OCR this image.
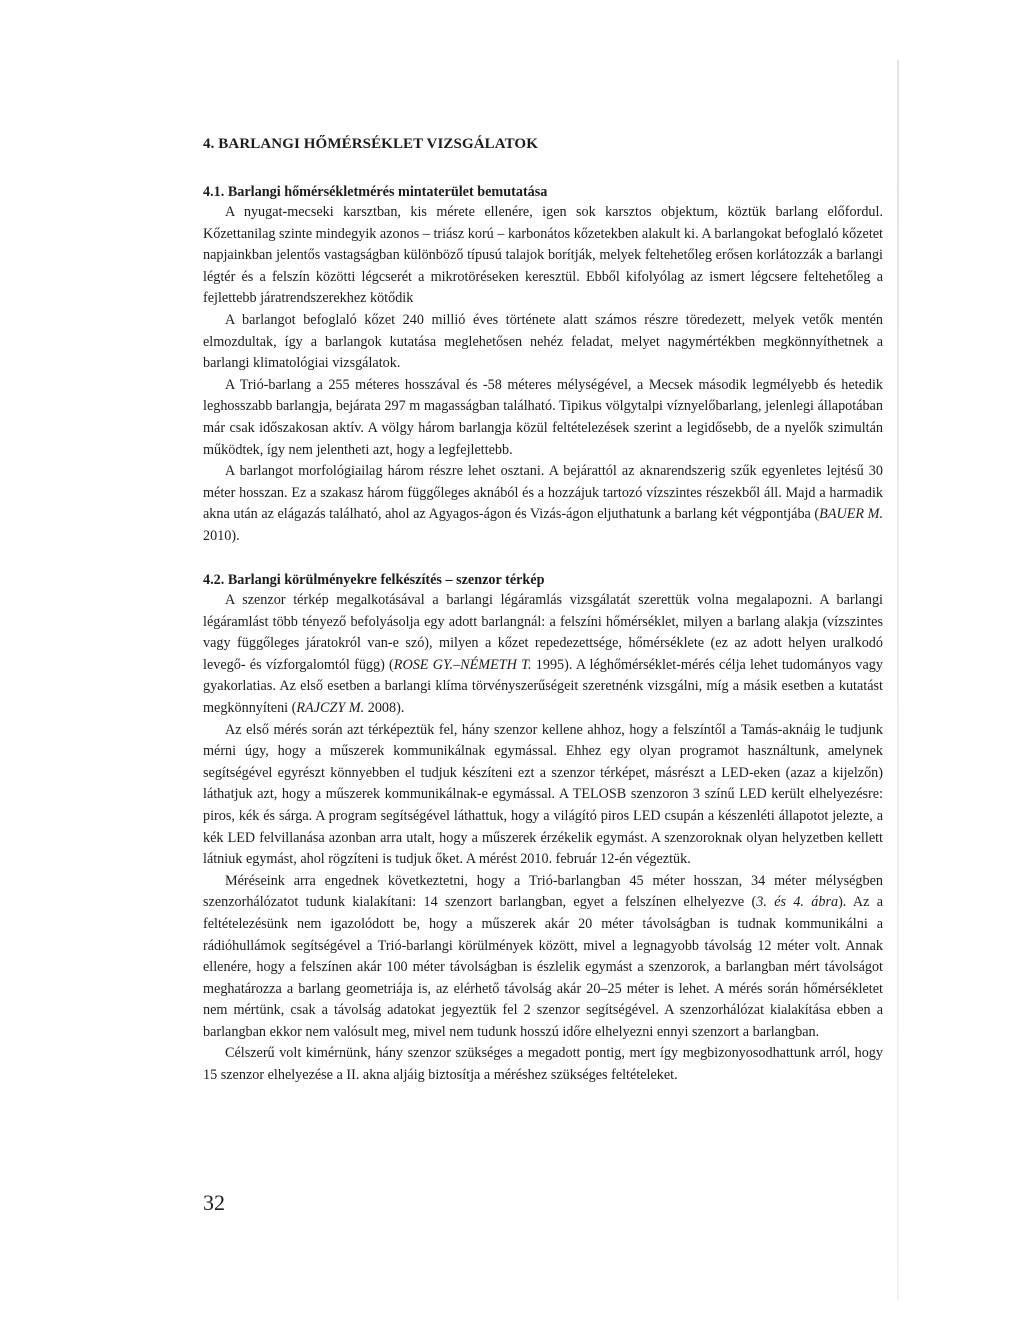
4. BARLANGI HŐMÉRSÉKLET VIZSGÁLATOK
4.1. Barlangi hőmérsékletmérés mintaterület bemutatása

A nyugat-mecseki karsztban, kis mérete ellenére, igen sok karsztos objektum, köztük barlang előfordul. Kőzettanilag szinte mindegyik azonos – triász korú – karbonátos kőzetekben alakult ki. A barlangokat befoglaló kőzetet napjainkban jelentős vastagságban különböző típusú talajok borítják, melyek feltehetőleg erősen korlátozzák a barlangi légtér és a felszín közötti légcserét a mikrotöréseken keresztül. Ebből kifolyólag az ismert légcsere feltehetőleg a fejlettebb járatrendszerekhez kötődik

A barlangot befoglaló kőzet 240 millió éves története alatt számos részre töredezett, melyek vetők mentén elmozdultak, így a barlangok kutatása meglehetősen nehéz feladat, melyet nagymértékben megkönnyíthetnek a barlangi klimatológiai vizsgálatok.

A Trió-barlang a 255 méteres hosszával és -58 méteres mélységével, a Mecsek második legmélyebb és hetedik leghosszabb barlangja, bejárata 297 m magasságban található. Tipikus völgytalpi víznyelőbarlang, jelenlegi állapotában már csak időszakosan aktív. A völgy három barlangja közül feltételezések szerint a legidősebb, de a nyelők szimultán működtek, így nem jelentheti azt, hogy a legfejlettebb.

A barlangot morfológiailag három részre lehet osztani. A bejárattól az aknarendszerig szűk egyenletes lejtésű 30 méter hosszan. Ez a szakasz három függőleges aknából és a hozzájuk tartozó vízszintes részekből áll. Majd a harmadik akna után az elágazás található, ahol az Agyagos-ágon és Vizás-ágon eljuthatunk a barlang két végpontjába (BAUER M. 2010).

4.2. Barlangi körülményekre felkészítés – szenzor térkép

A szenzor térkép megalkotásával a barlangi légáramlás vizsgálatát szerettük volna megalapozni. A barlangi légáramlást több tényező befolyásolja egy adott barlangnál: a felszíni hőmérséklet, milyen a barlang alakja (vízszintes vagy függőleges járatokról van-e szó), milyen a kőzet repedezettsége, hőmérséklete (ez az adott helyen uralkodó levegő- és vízforgalomtól függ) (ROSE GY.–NÉMETH T. 1995). A léghőmérséklet-mérés célja lehet tudományos vagy gyakorlatias. Az első esetben a barlangi klíma törvényszerűségeit szeretnénk vizsgálni, míg a másik esetben a kutatást megkönnyíteni (RAJCZY M. 2008).

Az első mérés során azt térképeztük fel, hány szenzor kellene ahhoz, hogy a felszíntől a Tamás-aknáig le tudjunk mérni úgy, hogy a műszerek kommunikálnak egymással. Ehhez egy olyan programot használtunk, amelynek segítségével egyrészt könnyebben el tudjuk készíteni ezt a szenzor térképet, másrészt a LED-eken (azaz a kijelzőn) láthatjuk azt, hogy a műszerek kommunikálnak-e egymással. A TELOSB szenzoron 3 színű LED került elhelyezésre: piros, kék és sárga. A program segítségével láthattuk, hogy a világító piros LED csupán a készenléti állapotot jelezte, a kék LED felvillanása azonban arra utalt, hogy a műszerek érzékelik egymást. A szenzoroknak olyan helyzetben kellett látniuk egymást, ahol rögzíteni is tudjuk őket. A mérést 2010. február 12-én végeztük.

Méréseink arra engednek következtetni, hogy a Trió-barlangban 45 méter hosszan, 34 méter mélységben szenzorhálózatot tudunk kialakítani: 14 szenzort barlangban, egyet a felszínen elhelyezve (3. és 4. ábra). Az a feltételezésünk nem igazolódott be, hogy a műszerek akár 20 méter távolságban is tudnak kommunikálni a rádióhullámok segítségével a Trió-barlangi körülmények között, mivel a legnagyobb távolság 12 méter volt. Annak ellenére, hogy a felszínen akár 100 méter távolságban is észlelik egymást a szenzorok, a barlangban mért távolságot meghatározza a barlang geometriája is, az elérhető távolság akár 20–25 méter is lehet. A mérés során hőmérsékletet nem mértünk, csak a távolság adatokat jegyeztük fel 2 szenzor segítségével. A szenzorhálózat kialakítása ebben a barlangban ekkor nem valósult meg, mivel nem tudunk hosszú időre elhelyezni ennyi szenzort a barlangban.

Célszerű volt kimérnünk, hány szenzor szükséges a megadott pontig, mert így megbizonyosodhattunk arról, hogy 15 szenzor elhelyezése a II. akna aljáig biztosítja a méréshez szükséges feltételeket.

32
